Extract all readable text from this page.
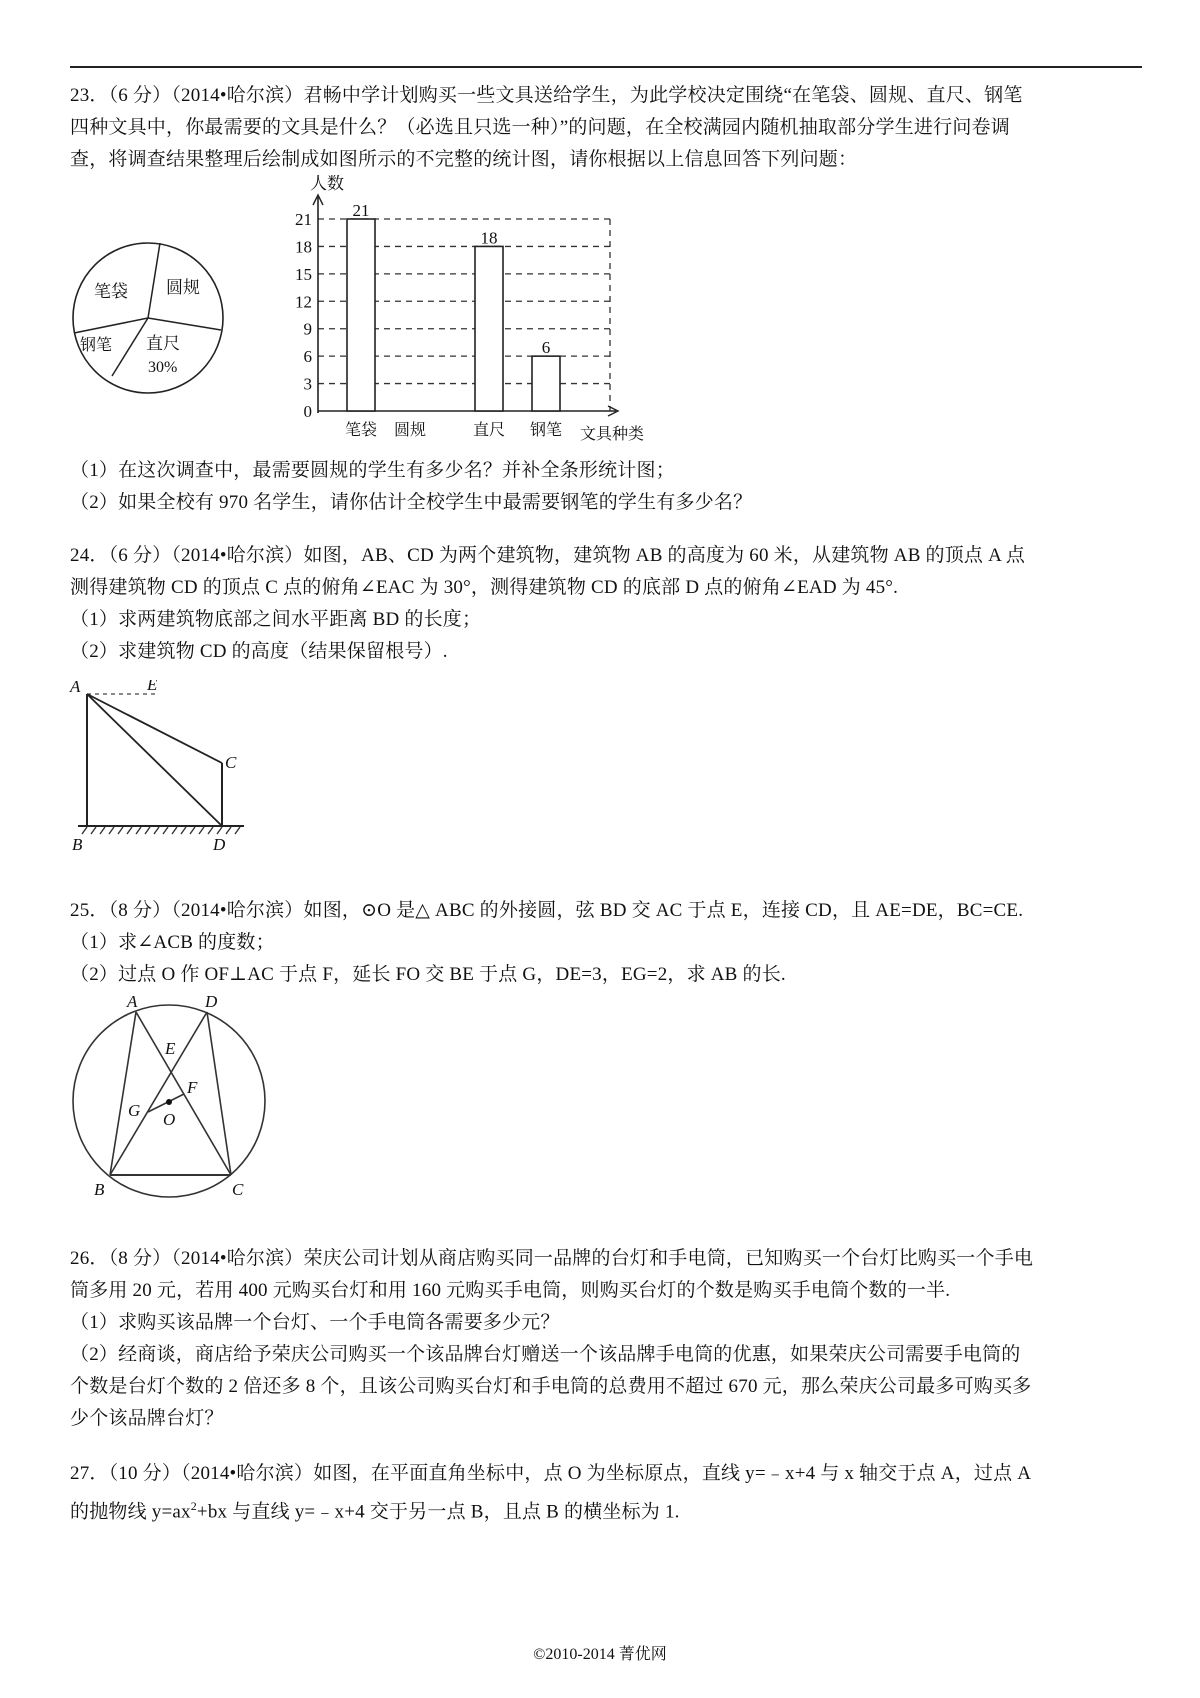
23．（6 分）（2014•哈尔滨）君畅中学计划购买一些文具送给学生，为此学校决定围绕“在笔袋、圆规、直尺、钢笔
四种文具中，你最需要的文具是什么？（必选且只选一种）”的问题，在全校满园内随机抽取部分学生进行问卷调
查，将调查结果整理后绘制成如图所示的不完整的统计图，请你根据以上信息回答下列问题：
笔袋 圆规
直尺
30%
钢笔
人数
文具种类
0
3
6
9
12
15
18
21 21
18
6
笔袋 圆规	直尺 钢笔
（1）在这次调查中，最需要圆规的学生有多少名？并补全条形统计图；
（2）如果全校有 970 名学生，请你估计全校学生中最需要钢笔的学生有多少名？
24．（6 分）（2014•哈尔滨）如图，AB、CD 为两个建筑物，建筑物 AB 的高度为 60 米，从建筑物 AB 的顶点 A 点
测得建筑物 CD 的顶点 C 点的俯角∠EAC 为 30°，测得建筑物 CD 的底部 D 点的俯角∠EAD 为 45°.
（1）求两建筑物底部之间水平距离 BD 的长度；
（2）求建筑物 CD 的高度（结果保留根号）.
A	E
C
B	D
25．（8 分）（2014•哈尔滨）如图，⊙O 是△ ABC 的外接圆，弦 BD 交 AC 于点 E，连接 CD，且 AE=DE，BC=CE.
（1）求∠ACB 的度数；
（2）过点 O 作 OF⊥AC 于点 F，延长 FO 交 BE 于点 G，DE=3，EG=2，求 AB 的长.
A	D
E
F
G O
B	C
26．（8 分）（2014•哈尔滨）荣庆公司计划从商店购买同一品牌的台灯和手电筒，已知购买一个台灯比购买一个手电
筒多用 20 元，若用 400 元购买台灯和用 160 元购买手电筒，则购买台灯的个数是购买手电筒个数的一半.
（1）求购买该品牌一个台灯、一个手电筒各需要多少元？
（2）经商谈，商店给予荣庆公司购买一个该品牌台灯赠送一个该品牌手电筒的优惠，如果荣庆公司需要手电筒的
个数是台灯个数的 2 倍还多 8 个，且该公司购买台灯和手电筒的总费用不超过 670 元，那么荣庆公司最多可购买多
少个该品牌台灯？
27．（10 分）（2014•哈尔滨）如图，在平面直角坐标中，点 O 为坐标原点，直线 y=﹣x+4 与 x 轴交于点 A，过点 A
的抛物线 $y=ax^2+bx$ 与直线 y=﹣x+4 交于另一点 B，且点 B 的横坐标为 1.
©2010-2014 菁优网
